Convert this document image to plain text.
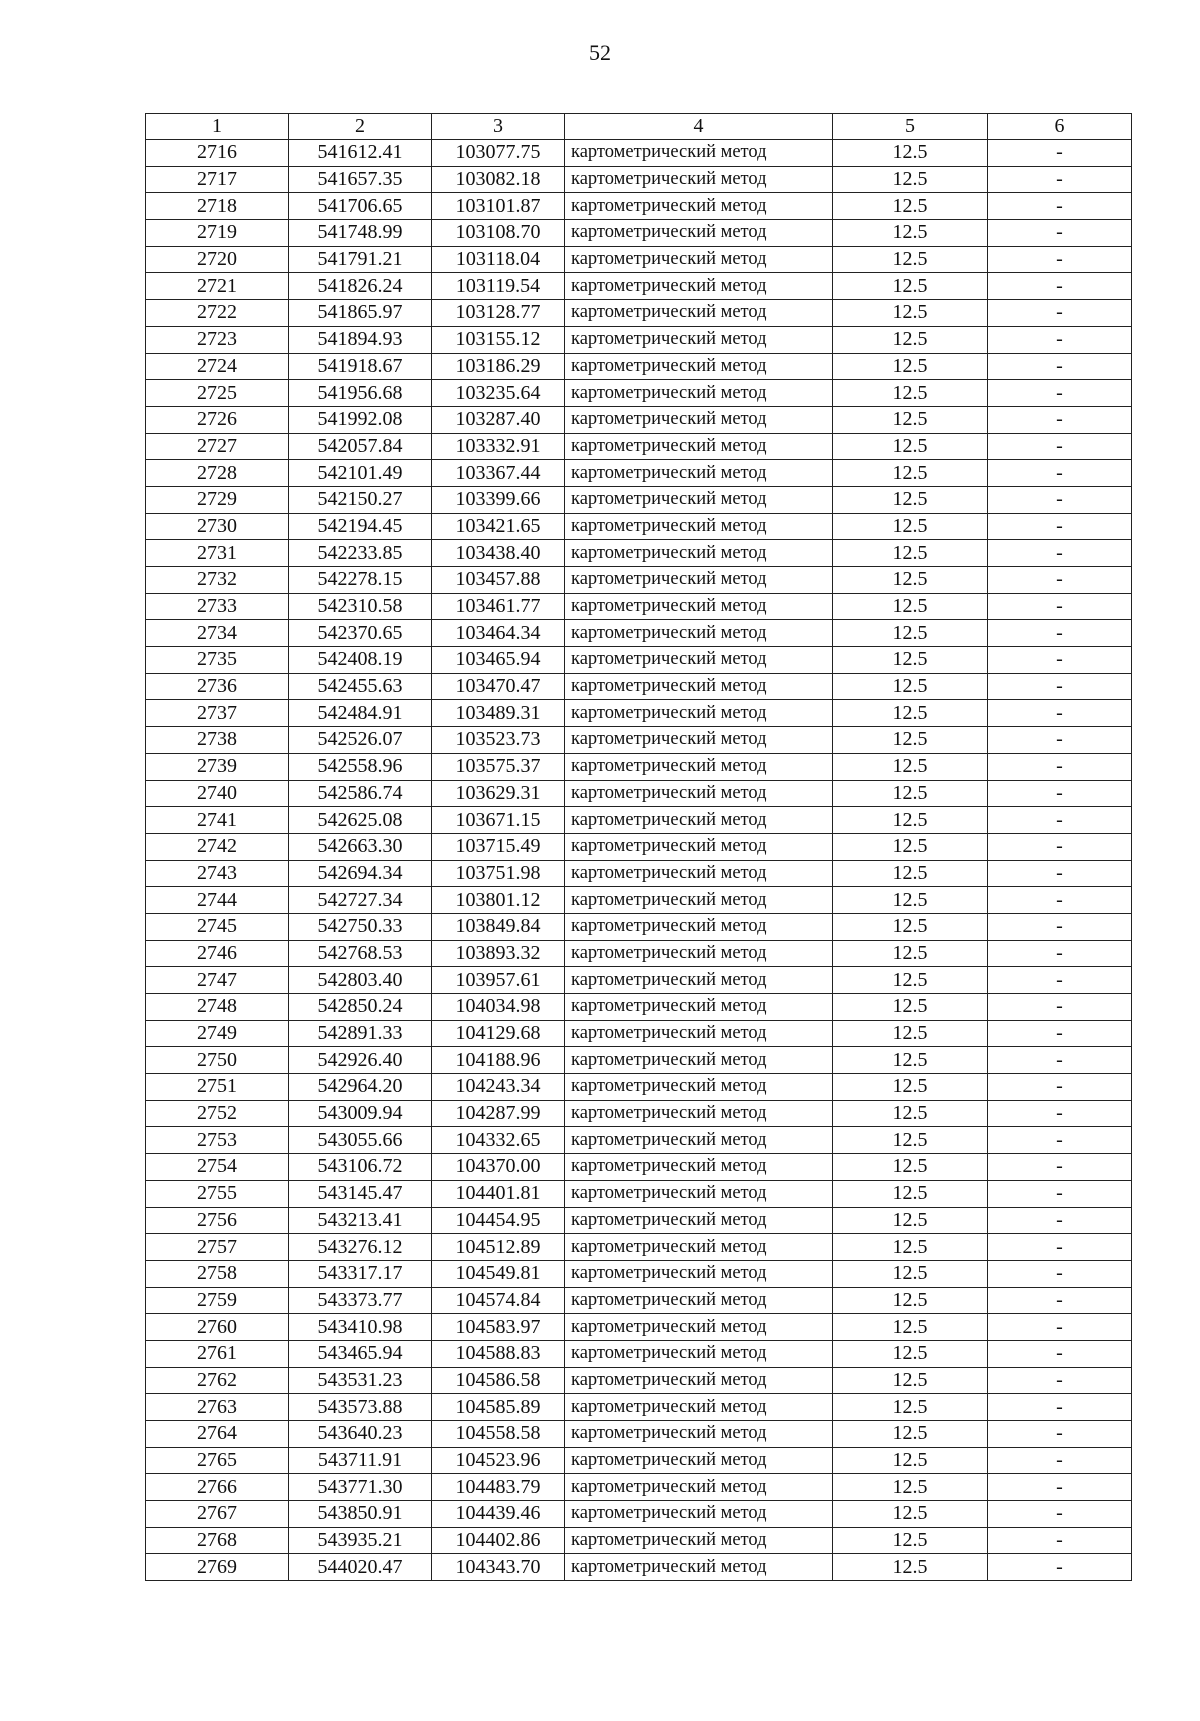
52
1	2	3	4	5	6
2716	541612.41	103077.75	картометрический метод	12.5	-
2717	541657.35	103082.18	картометрический метод	12.5	-
2718	541706.65	103101.87	картометрический метод	12.5	-
2719	541748.99	103108.70	картометрический метод	12.5	-
2720	541791.21	103118.04	картометрический метод	12.5	-
2721	541826.24	103119.54	картометрический метод	12.5	-
2722	541865.97	103128.77	картометрический метод	12.5	-
2723	541894.93	103155.12	картометрический метод	12.5	-
2724	541918.67	103186.29	картометрический метод	12.5	-
2725	541956.68	103235.64	картометрический метод	12.5	-
2726	541992.08	103287.40	картометрический метод	12.5	-
2727	542057.84	103332.91	картометрический метод	12.5	-
2728	542101.49	103367.44	картометрический метод	12.5	-
2729	542150.27	103399.66	картометрический метод	12.5	-
2730	542194.45	103421.65	картометрический метод	12.5	-
2731	542233.85	103438.40	картометрический метод	12.5	-
2732	542278.15	103457.88	картометрический метод	12.5	-
2733	542310.58	103461.77	картометрический метод	12.5	-
2734	542370.65	103464.34	картометрический метод	12.5	-
2735	542408.19	103465.94	картометрический метод	12.5	-
2736	542455.63	103470.47	картометрический метод	12.5	-
2737	542484.91	103489.31	картометрический метод	12.5	-
2738	542526.07	103523.73	картометрический метод	12.5	-
2739	542558.96	103575.37	картометрический метод	12.5	-
2740	542586.74	103629.31	картометрический метод	12.5	-
2741	542625.08	103671.15	картометрический метод	12.5	-
2742	542663.30	103715.49	картометрический метод	12.5	-
2743	542694.34	103751.98	картометрический метод	12.5	-
2744	542727.34	103801.12	картометрический метод	12.5	-
2745	542750.33	103849.84	картометрический метод	12.5	-
2746	542768.53	103893.32	картометрический метод	12.5	-
2747	542803.40	103957.61	картометрический метод	12.5	-
2748	542850.24	104034.98	картометрический метод	12.5	-
2749	542891.33	104129.68	картометрический метод	12.5	-
2750	542926.40	104188.96	картометрический метод	12.5	-
2751	542964.20	104243.34	картометрический метод	12.5	-
2752	543009.94	104287.99	картометрический метод	12.5	-
2753	543055.66	104332.65	картометрический метод	12.5	-
2754	543106.72	104370.00	картометрический метод	12.5	-
2755	543145.47	104401.81	картометрический метод	12.5	-
2756	543213.41	104454.95	картометрический метод	12.5	-
2757	543276.12	104512.89	картометрический метод	12.5	-
2758	543317.17	104549.81	картометрический метод	12.5	-
2759	543373.77	104574.84	картометрический метод	12.5	-
2760	543410.98	104583.97	картометрический метод	12.5	-
2761	543465.94	104588.83	картометрический метод	12.5	-
2762	543531.23	104586.58	картометрический метод	12.5	-
2763	543573.88	104585.89	картометрический метод	12.5	-
2764	543640.23	104558.58	картометрический метод	12.5	-
2765	543711.91	104523.96	картометрический метод	12.5	-
2766	543771.30	104483.79	картометрический метод	12.5	-
2767	543850.91	104439.46	картометрический метод	12.5	-
2768	543935.21	104402.86	картометрический метод	12.5	-
2769	544020.47	104343.70	картометрический метод	12.5	-
